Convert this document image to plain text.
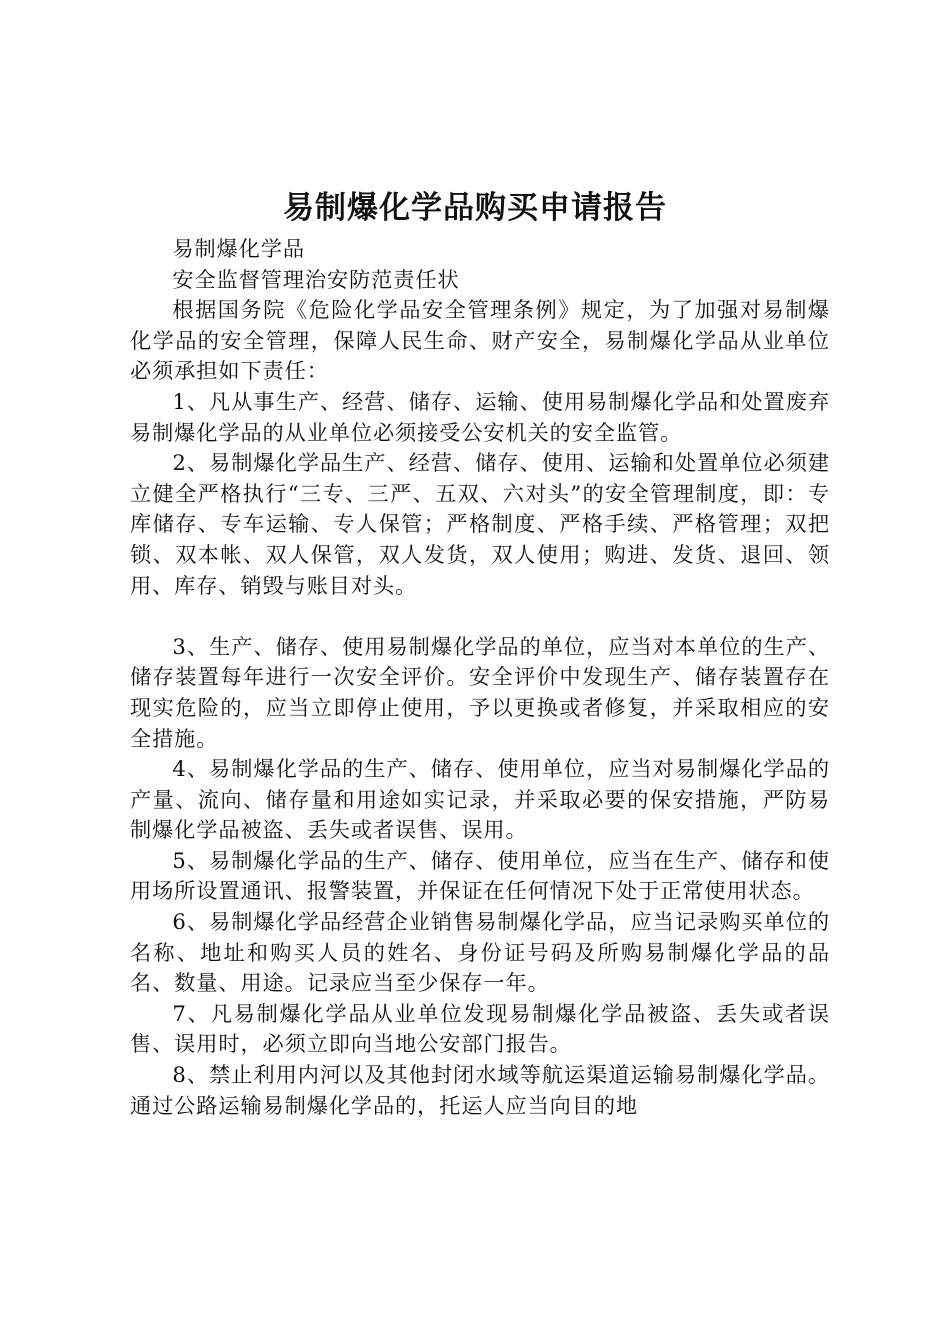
易制爆化学品购买申请报告

易制爆化学品

安全监督管理治安防范责任状

根据国务院《危险化学品安全管理条例》规定，为了加强对易制爆化学品的安全管理，保障人民生命、财产安全，易制爆化学品从业单位必须承担如下责任：

1、凡从事生产、经营、储存、运输、使用易制爆化学品和处置废弃易制爆化学品的从业单位必须接受公安机关的安全监管。

2、易制爆化学品生产、经营、储存、使用、运输和处置单位必须建立健全严格执行“三专、三严、五双、六对头”的安全管理制度，即：专库储存、专车运输、专人保管；严格制度、严格手续、严格管理；双把锁、双本帐、双人保管，双人发货，双人使用；购进、发货、退回、领用、库存、销毁与账目对头。

3、生产、储存、使用易制爆化学品的单位，应当对本单位的生产、储存装置每年进行一次安全评价。安全评价中发现生产、储存装置存在现实危险的，应当立即停止使用，予以更换或者修复，并采取相应的安全措施。

4、易制爆化学品的生产、储存、使用单位，应当对易制爆化学品的产量、流向、储存量和用途如实记录，并采取必要的保安措施，严防易制爆化学品被盗、丢失或者误售、误用。

5、易制爆化学品的生产、储存、使用单位，应当在生产、储存和使用场所设置通讯、报警装置，并保证在任何情况下处于正常使用状态。

6、易制爆化学品经营企业销售易制爆化学品，应当记录购买单位的名称、地址和购买人员的姓名、身份证号码及所购易制爆化学品的品名、数量、用途。记录应当至少保存一年。

7、凡易制爆化学品从业单位发现易制爆化学品被盗、丢失或者误售、误用时，必须立即向当地公安部门报告。

8、禁止利用内河以及其他封闭水域等航运渠道运输易制爆化学品。通过公路运输易制爆化学品的，托运人应当向目的地
